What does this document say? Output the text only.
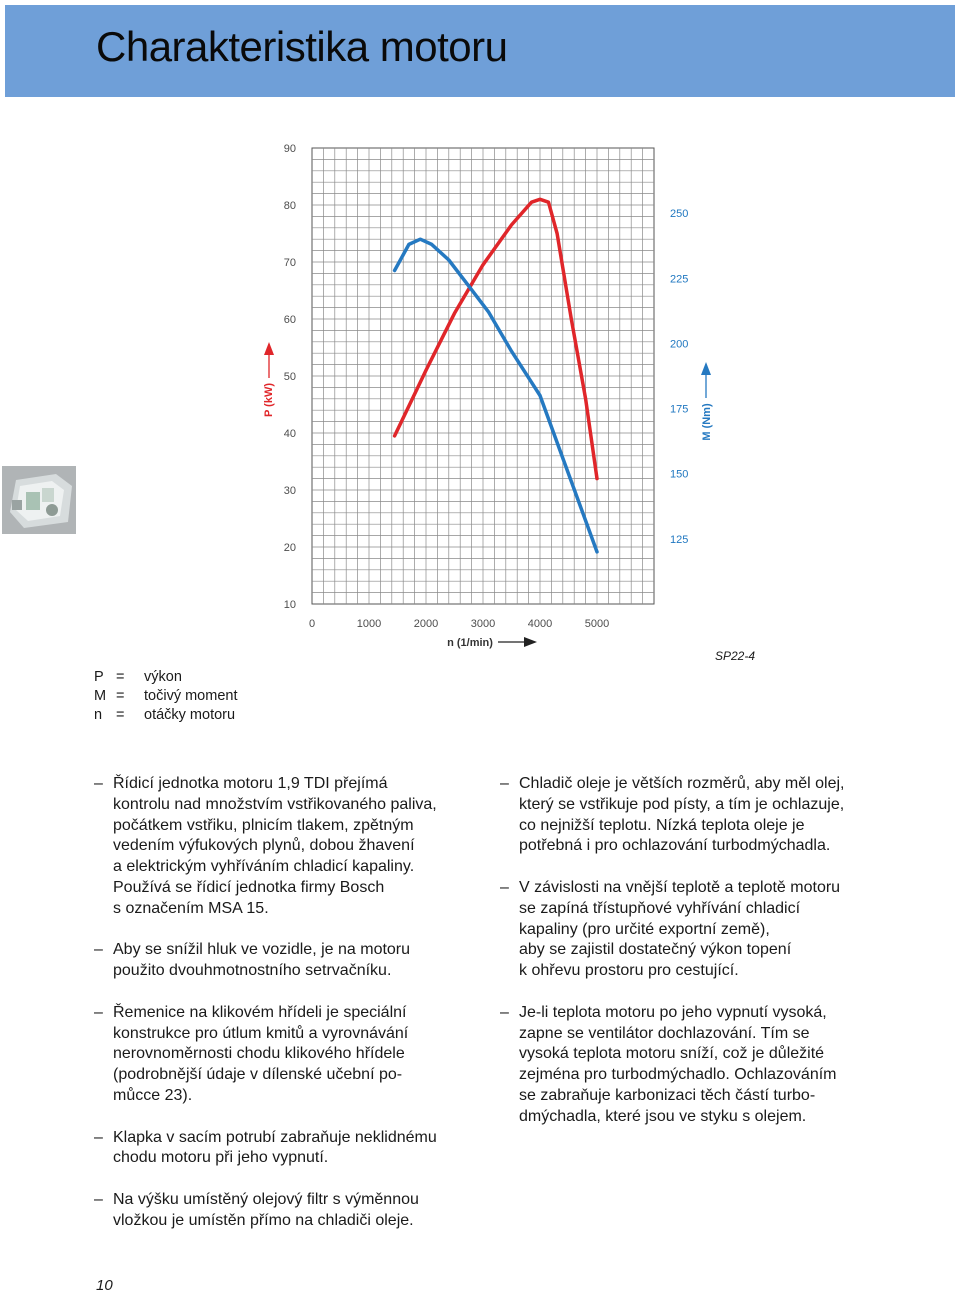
Charakteristika motoru
10
20
30
40
50
60
70
80
90
125
150
175
200
225
250
0	1000	2000	3000	4000	5000
P (kW)
M (Nm)
n (1/min)
SP22-4
P =	výkon
M =	točivý moment
n =	otáčky motoru
– Řídicí jednotka motoru 1,9 TDI přejímá
kontrolu nad množstvím vstřikovaného paliva,
počátkem vstřiku, plnicím tlakem, zpětným
vedením výfukových plynů, dobou žhavení
a elektrickým vyhříváním chladicí kapaliny.
Používá se řídicí jednotka firmy Bosch
s označením MSA 15.
– Aby se snížil hluk ve vozidle, je na motoru
použito dvouhmotnostního setrvačníku.
– Řemenice na klikovém hřídeli je speciální
konstrukce pro útlum kmitů a vyrovnávání
nerovnoměrnosti chodu klikového hřídele
(podrobnější údaje v dílenské učební po-
můcce 23).
– Klapka v sacím potrubí zabraňuje neklidnému
chodu motoru při jeho vypnutí.
– Na výšku umístěný olejový filtr s výměnnou
vložkou je umístěn přímo na chladiči oleje.
– Chladič oleje je větších rozměrů, aby měl olej,
který se vstřikuje pod písty, a tím je ochlazuje,
co nejnižší teplotu. Nízká teplota oleje je
potřebná i pro ochlazování turbodmýchadla.
– V závislosti na vnější teplotě a teplotě motoru
se zapíná třístupňové vyhřívání chladicí
kapaliny (pro určité exportní země),
aby se zajistil dostatečný výkon topení
k ohřevu prostoru pro cestující.
– Je-li teplota motoru po jeho vypnutí vysoká,
zapne se ventilátor dochlazování. Tím se
vysoká teplota motoru sníží, což je důležité
zejména pro turbodmýchadlo. Ochlazováním
se zabraňuje karbonizaci těch částí turbo-
dmýchadla, které jsou ve styku s olejem.
10
